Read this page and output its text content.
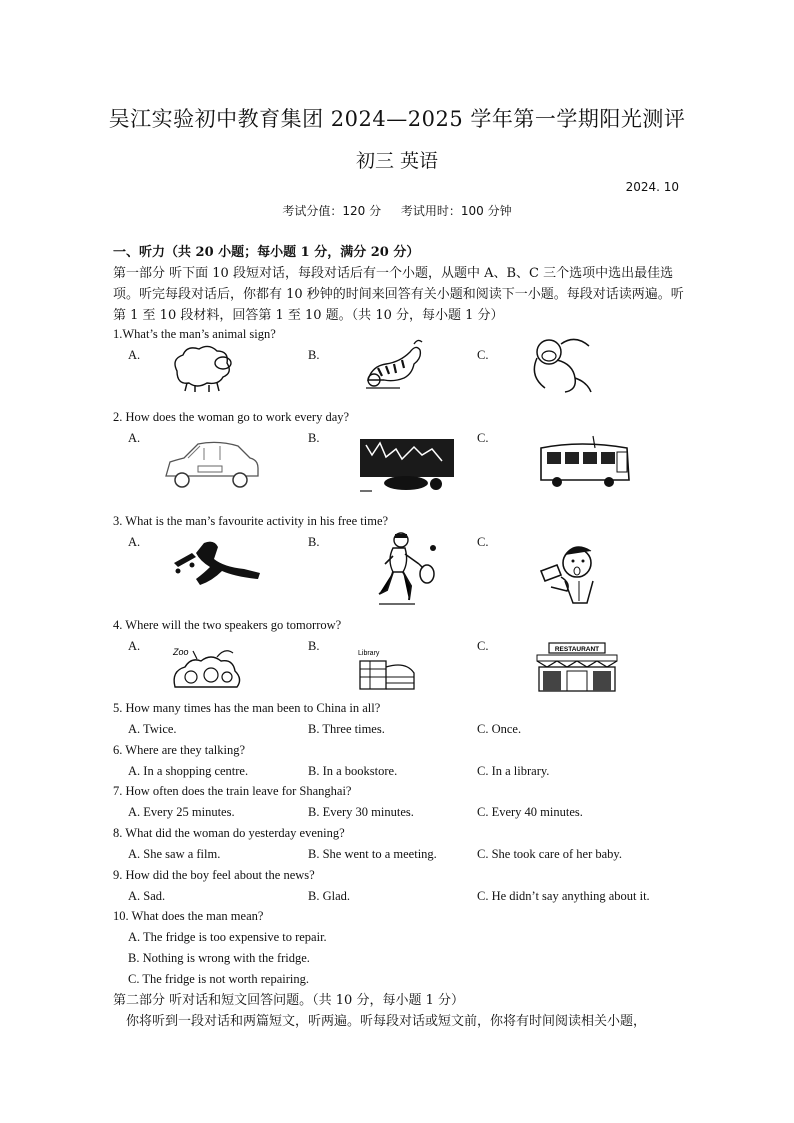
吴江实验初中教育集团 2024—2025 学年第一学期阳光测评
初三 英语
2024. 10
考试分值：120 分 考试用时：100 分钟
一、听力（共 20 小题；每小题 1 分，满分 20 分）
第一部分 听下面 10 段短对话，每段对话后有一个小题，从题中 A、B、C 三个选项中选出最佳选项。听完每段对话后，你都有 10 秒钟的时间来回答有关小题和阅读下一小题。每段对话读两遍。听第 1 至 10 段材料，回答第 1 至 10 题。（共 10 分，每小题 1 分）
1.What’s the man’s animal sign?
A.	B.	C.
2. How does the woman go to work every day?
A.	B.	C.
3. What is the man’s favourite activity in his free time?
A.	B.	C.
4. Where will the two speakers go tomorrow?
A.	B.	C.
Zoo	Library
RESTAURANT
5. How many times has the man been to China in all?
A. Twice.	B. Three times.	C. Once.
6. Where are they talking?
A. In a shopping centre.	B. In a bookstore.	C. In a library.
7. How often does the train leave for Shanghai?
A. Every 25 minutes.	B. Every 30 minutes.	C. Every 40 minutes.
8. What did the woman do yesterday evening?
A. She saw a film.	B. She went to a meeting.	C. She took care of her baby.
9. How did the boy feel about the news?
A. Sad.	B. Glad.	C. He didn’t say anything about it.
10. What does the man mean?
A. The fridge is too expensive to repair.
B. Nothing is wrong with the fridge.
C. The fridge is not worth repairing.
第二部分 听对话和短文回答问题。（共 10 分，每小题 1 分）
你将听到一段对话和两篇短文，听两遍。听每段对话或短文前，你将有时间阅读相关小题，
